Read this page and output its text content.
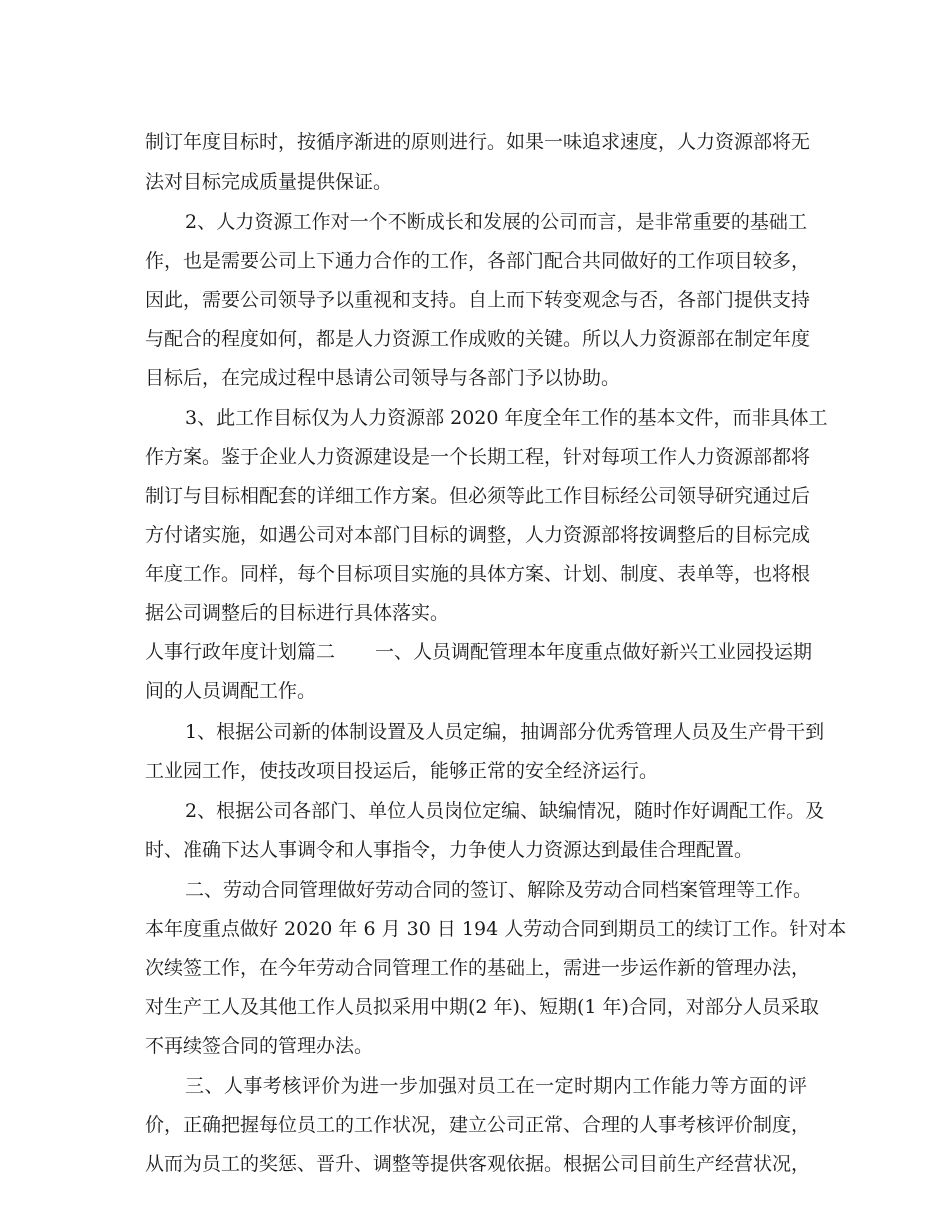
制订年度目标时，按循序渐进的原则进行。如果一味追求速度，人力资源部将无

法对目标完成质量提供保证。

2、人力资源工作对一个不断成长和发展的公司而言，是非常重要的基础工

作，也是需要公司上下通力合作的工作，各部门配合共同做好的工作项目较多，

因此，需要公司领导予以重视和支持。自上而下转变观念与否，各部门提供支持

与配合的程度如何，都是人力资源工作成败的关键。所以人力资源部在制定年度

目标后，在完成过程中恳请公司领导与各部门予以协助。

3、此工作目标仅为人力资源部 2020 年度全年工作的基本文件，而非具体工

作方案。鉴于企业人力资源建设是一个长期工程，针对每项工作人力资源部都将

制订与目标相配套的详细工作方案。但必须等此工作目标经公司领导研究通过后

方付诸实施，如遇公司对本部门目标的调整，人力资源部将按调整后的目标完成

年度工作。同样，每个目标项目实施的具体方案、计划、制度、表单等，也将根

据公司调整后的目标进行具体落实。

人事行政年度计划篇二 一、人员调配管理本年度重点做好新兴工业园投运期

间的人员调配工作。

1、根据公司新的体制设置及人员定编，抽调部分优秀管理人员及生产骨干到

工业园工作，使技改项目投运后，能够正常的安全经济运行。

2、根据公司各部门、单位人员岗位定编、缺编情况，随时作好调配工作。及

时、准确下达人事调令和人事指令，力争使人力资源达到最佳合理配置。

二、劳动合同管理做好劳动合同的签订、解除及劳动合同档案管理等工作。

本年度重点做好 2020 年 6 月 30 日 194 人劳动合同到期员工的续订工作。针对本

次续签工作，在今年劳动合同管理工作的基础上，需进一步运作新的管理办法，

对生产工人及其他工作人员拟采用中期(2 年)、短期(1 年)合同，对部分人员采取

不再续签合同的管理办法。

三、人事考核评价为进一步加强对员工在一定时期内工作能力等方面的评

价，正确把握每位员工的工作状况，建立公司正常、合理的人事考核评价制度，

从而为员工的奖惩、晋升、调整等提供客观依据。根据公司目前生产经营状况，
